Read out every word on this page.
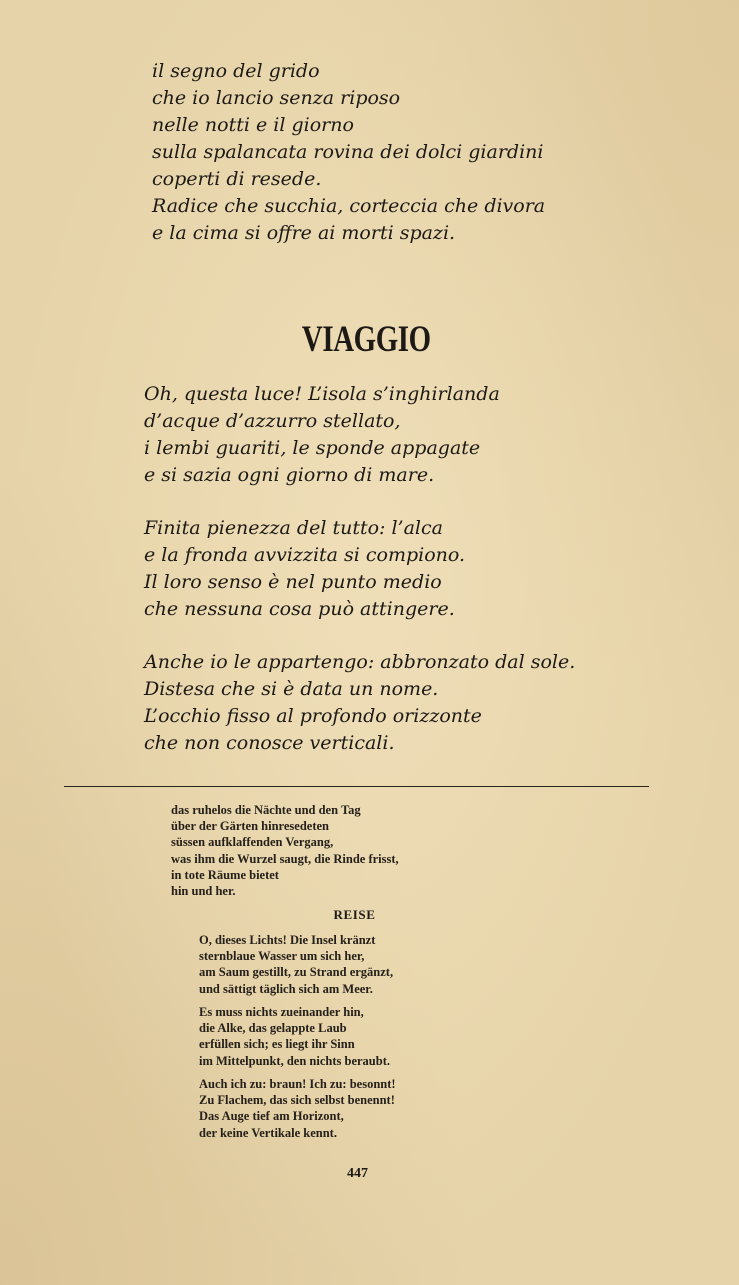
il segno del grido

che io lancio senza riposo

nelle notti e il giorno

sulla spalancata rovina dei dolci giardini

coperti di resede.

Radice che succhia, corteccia che divora

e la cima si offre ai morti spazi.

VIAGGIO

Oh, questa luce! L’isola s’inghirlanda

d’acque d’azzurro stellato,

i lembi guariti, le sponde appagate

e si sazia ogni giorno di mare.

Finita pienezza del tutto: l’alca

e la fronda avvizzita si compiono.

Il loro senso è nel punto medio

che nessuna cosa può attingere.

Anche io le appartengo: abbronzato dal sole.

Distesa che si è data un nome.

L’occhio fisso al profondo orizzonte

che non conosce verticali.

das ruhelos die Nächte und den Tag

über der Gärten hinresedeten

süssen aufklaffenden Vergang,

was ihm die Wurzel saugt, die Rinde frisst,

in tote Räume bietet

hin und her.

REISE

O, dieses Lichts! Die Insel kränzt

sternblaue Wasser um sich her,

am Saum gestillt, zu Strand ergänzt,

und sättigt täglich sich am Meer.

Es muss nichts zueinander hin,

die Alke, das gelappte Laub

erfüllen sich; es liegt ihr Sinn

im Mittelpunkt, den nichts beraubt.

Auch ich zu: braun! Ich zu: besonnt!

Zu Flachem, das sich selbst benennt!

Das Auge tief am Horizont,

der keine Vertikale kennt.

447
